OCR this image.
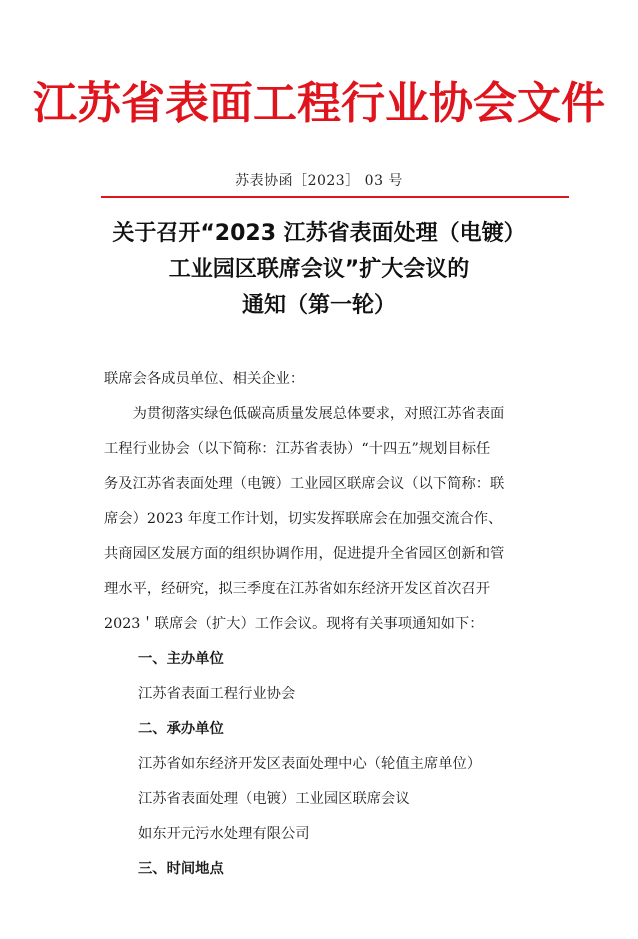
江苏省表面工程行业协会文件
苏表协函［2023］ 03 号
关于召开“2023 江苏省表面处理（电镀）
工业园区联席会议”扩大会议的
通知（第一轮）
联席会各成员单位、相关企业：
为贯彻落实绿色低碳高质量发展总体要求，对照江苏省表面
工程行业协会（以下简称：江苏省表协）“十四五”规划目标任
务及江苏省表面处理（电镀）工业园区联席会议（以下简称：联
席会）2023 年度工作计划，切实发挥联席会在加强交流合作、
共商园区发展方面的组织协调作用，促进提升全省园区创新和管
理水平，经研究，拟三季度在江苏省如东经济开发区首次召开
2023＇联席会（扩大）工作会议。现将有关事项通知如下：
一、主办单位
江苏省表面工程行业协会
二、承办单位
江苏省如东经济开发区表面处理中心（轮值主席单位）
江苏省表面处理（电镀）工业园区联席会议
如东开元污水处理有限公司
三、时间地点
